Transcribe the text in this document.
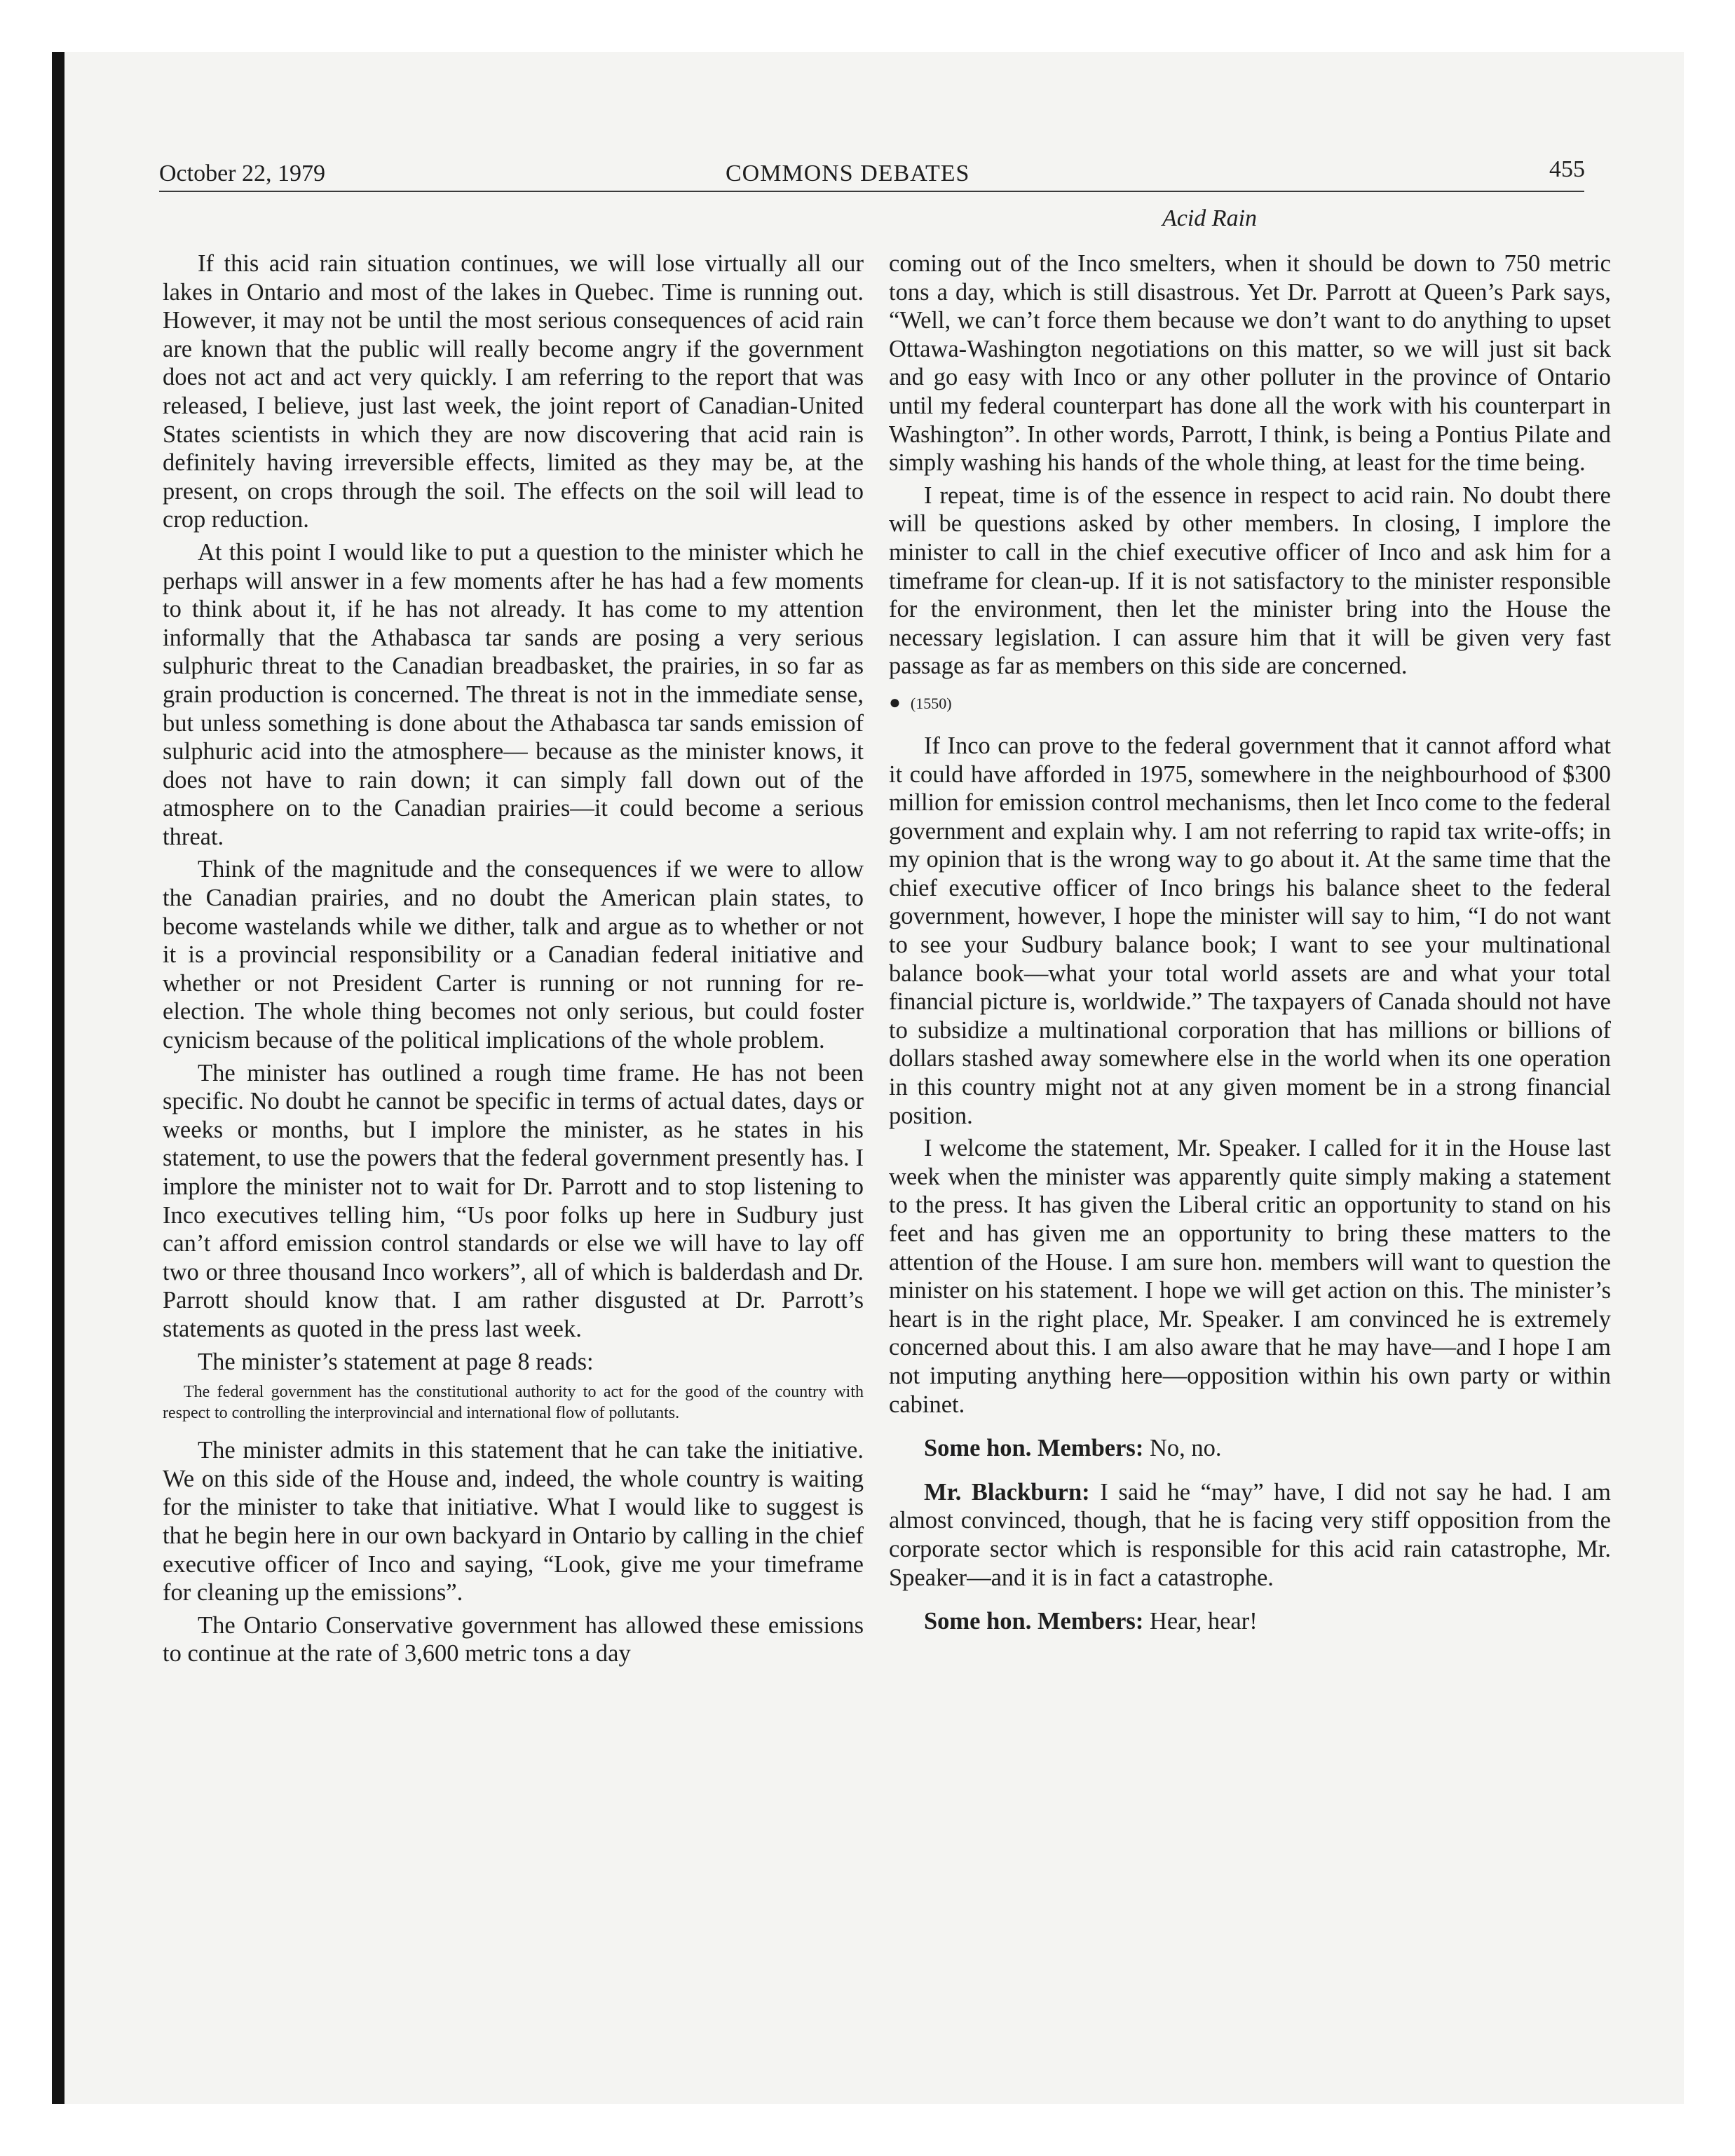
October 22, 1979	COMMONS DEBATES	455
Acid Rain

If this acid rain situation continues, we will lose virtually all our lakes in Ontario and most of the lakes in Quebec. Time is running out. However, it may not be until the most serious consequences of acid rain are known that the public will really become angry if the government does not act and act very quickly. I am referring to the report that was released, I believe, just last week, the joint report of Canadian-United States scientists in which they are now discovering that acid rain is definitely having irreversible effects, limited as they may be, at the present, on crops through the soil. The effects on the soil will lead to crop reduction.

At this point I would like to put a question to the minister which he perhaps will answer in a few moments after he has had a few moments to think about it, if he has not already. It has come to my attention informally that the Athabasca tar sands are posing a very serious sulphuric threat to the Canadian breadbasket, the prairies, in so far as grain production is concerned. The threat is not in the immediate sense, but unless something is done about the Athabasca tar sands emission of sulphuric acid into the atmosphere— because as the minister knows, it does not have to rain down; it can simply fall down out of the atmosphere on to the Canadian prairies—it could become a serious threat.

Think of the magnitude and the consequences if we were to allow the Canadian prairies, and no doubt the American plain states, to become wastelands while we dither, talk and argue as to whether or not it is a provincial responsibility or a Canadian federal initiative and whether or not President Carter is running or not running for re-election. The whole thing becomes not only serious, but could foster cynicism because of the political implications of the whole problem.

The minister has outlined a rough time frame. He has not been specific. No doubt he cannot be specific in terms of actual dates, days or weeks or months, but I implore the minister, as he states in his statement, to use the powers that the federal government presently has. I implore the minister not to wait for Dr. Parrott and to stop listening to Inco executives telling him, “Us poor folks up here in Sudbury just can’t afford emission control standards or else we will have to lay off two or three thousand Inco workers”, all of which is balderdash and Dr. Parrott should know that. I am rather disgusted at Dr. Parrott’s statements as quoted in the press last week.

The minister’s statement at page 8 reads:

The federal government has the constitutional authority to act for the good of the country with respect to controlling the interprovincial and international flow of pollutants.

The minister admits in this statement that he can take the initiative. We on this side of the House and, indeed, the whole country is waiting for the minister to take that initiative. What I would like to suggest is that he begin here in our own backyard in Ontario by calling in the chief executive officer of Inco and saying, “Look, give me your timeframe for cleaning up the emissions”.

The Ontario Conservative government has allowed these emissions to continue at the rate of 3,600 metric tons a day

coming out of the Inco smelters, when it should be down to 750 metric tons a day, which is still disastrous. Yet Dr. Parrott at Queen’s Park says, “Well, we can’t force them because we don’t want to do anything to upset Ottawa-Washington negotiations on this matter, so we will just sit back and go easy with Inco or any other polluter in the province of Ontario until my federal counterpart has done all the work with his counterpart in Washington”. In other words, Parrott, I think, is being a Pontius Pilate and simply washing his hands of the whole thing, at least for the time being.

I repeat, time is of the essence in respect to acid rain. No doubt there will be questions asked by other members. In closing, I implore the minister to call in the chief executive officer of Inco and ask him for a timeframe for clean-up. If it is not satisfactory to the minister responsible for the environment, then let the minister bring into the House the necessary legislation. I can assure him that it will be given very fast passage as far as members on this side are concerned.

● (1550)

If Inco can prove to the federal government that it cannot afford what it could have afforded in 1975, somewhere in the neighbourhood of $300 million for emission control mechanisms, then let Inco come to the federal government and explain why. I am not referring to rapid tax write-offs; in my opinion that is the wrong way to go about it. At the same time that the chief executive officer of Inco brings his balance sheet to the federal government, however, I hope the minister will say to him, “I do not want to see your Sudbury balance book; I want to see your multinational balance book—what your total world assets are and what your total financial picture is, worldwide.” The taxpayers of Canada should not have to subsidize a multinational corporation that has millions or billions of dollars stashed away somewhere else in the world when its one operation in this country might not at any given moment be in a strong financial position.

I welcome the statement, Mr. Speaker. I called for it in the House last week when the minister was apparently quite simply making a statement to the press. It has given the Liberal critic an opportunity to stand on his feet and has given me an opportunity to bring these matters to the attention of the House. I am sure hon. members will want to question the minister on his statement. I hope we will get action on this. The minister’s heart is in the right place, Mr. Speaker. I am convinced he is extremely concerned about this. I am also aware that he may have—and I hope I am not imputing anything here—opposition within his own party or within cabinet.

Some hon. Members: No, no.

Mr. Blackburn: I said he “may” have, I did not say he had. I am almost convinced, though, that he is facing very stiff opposition from the corporate sector which is responsible for this acid rain catastrophe, Mr. Speaker—and it is in fact a catastrophe.

Some hon. Members: Hear, hear!
